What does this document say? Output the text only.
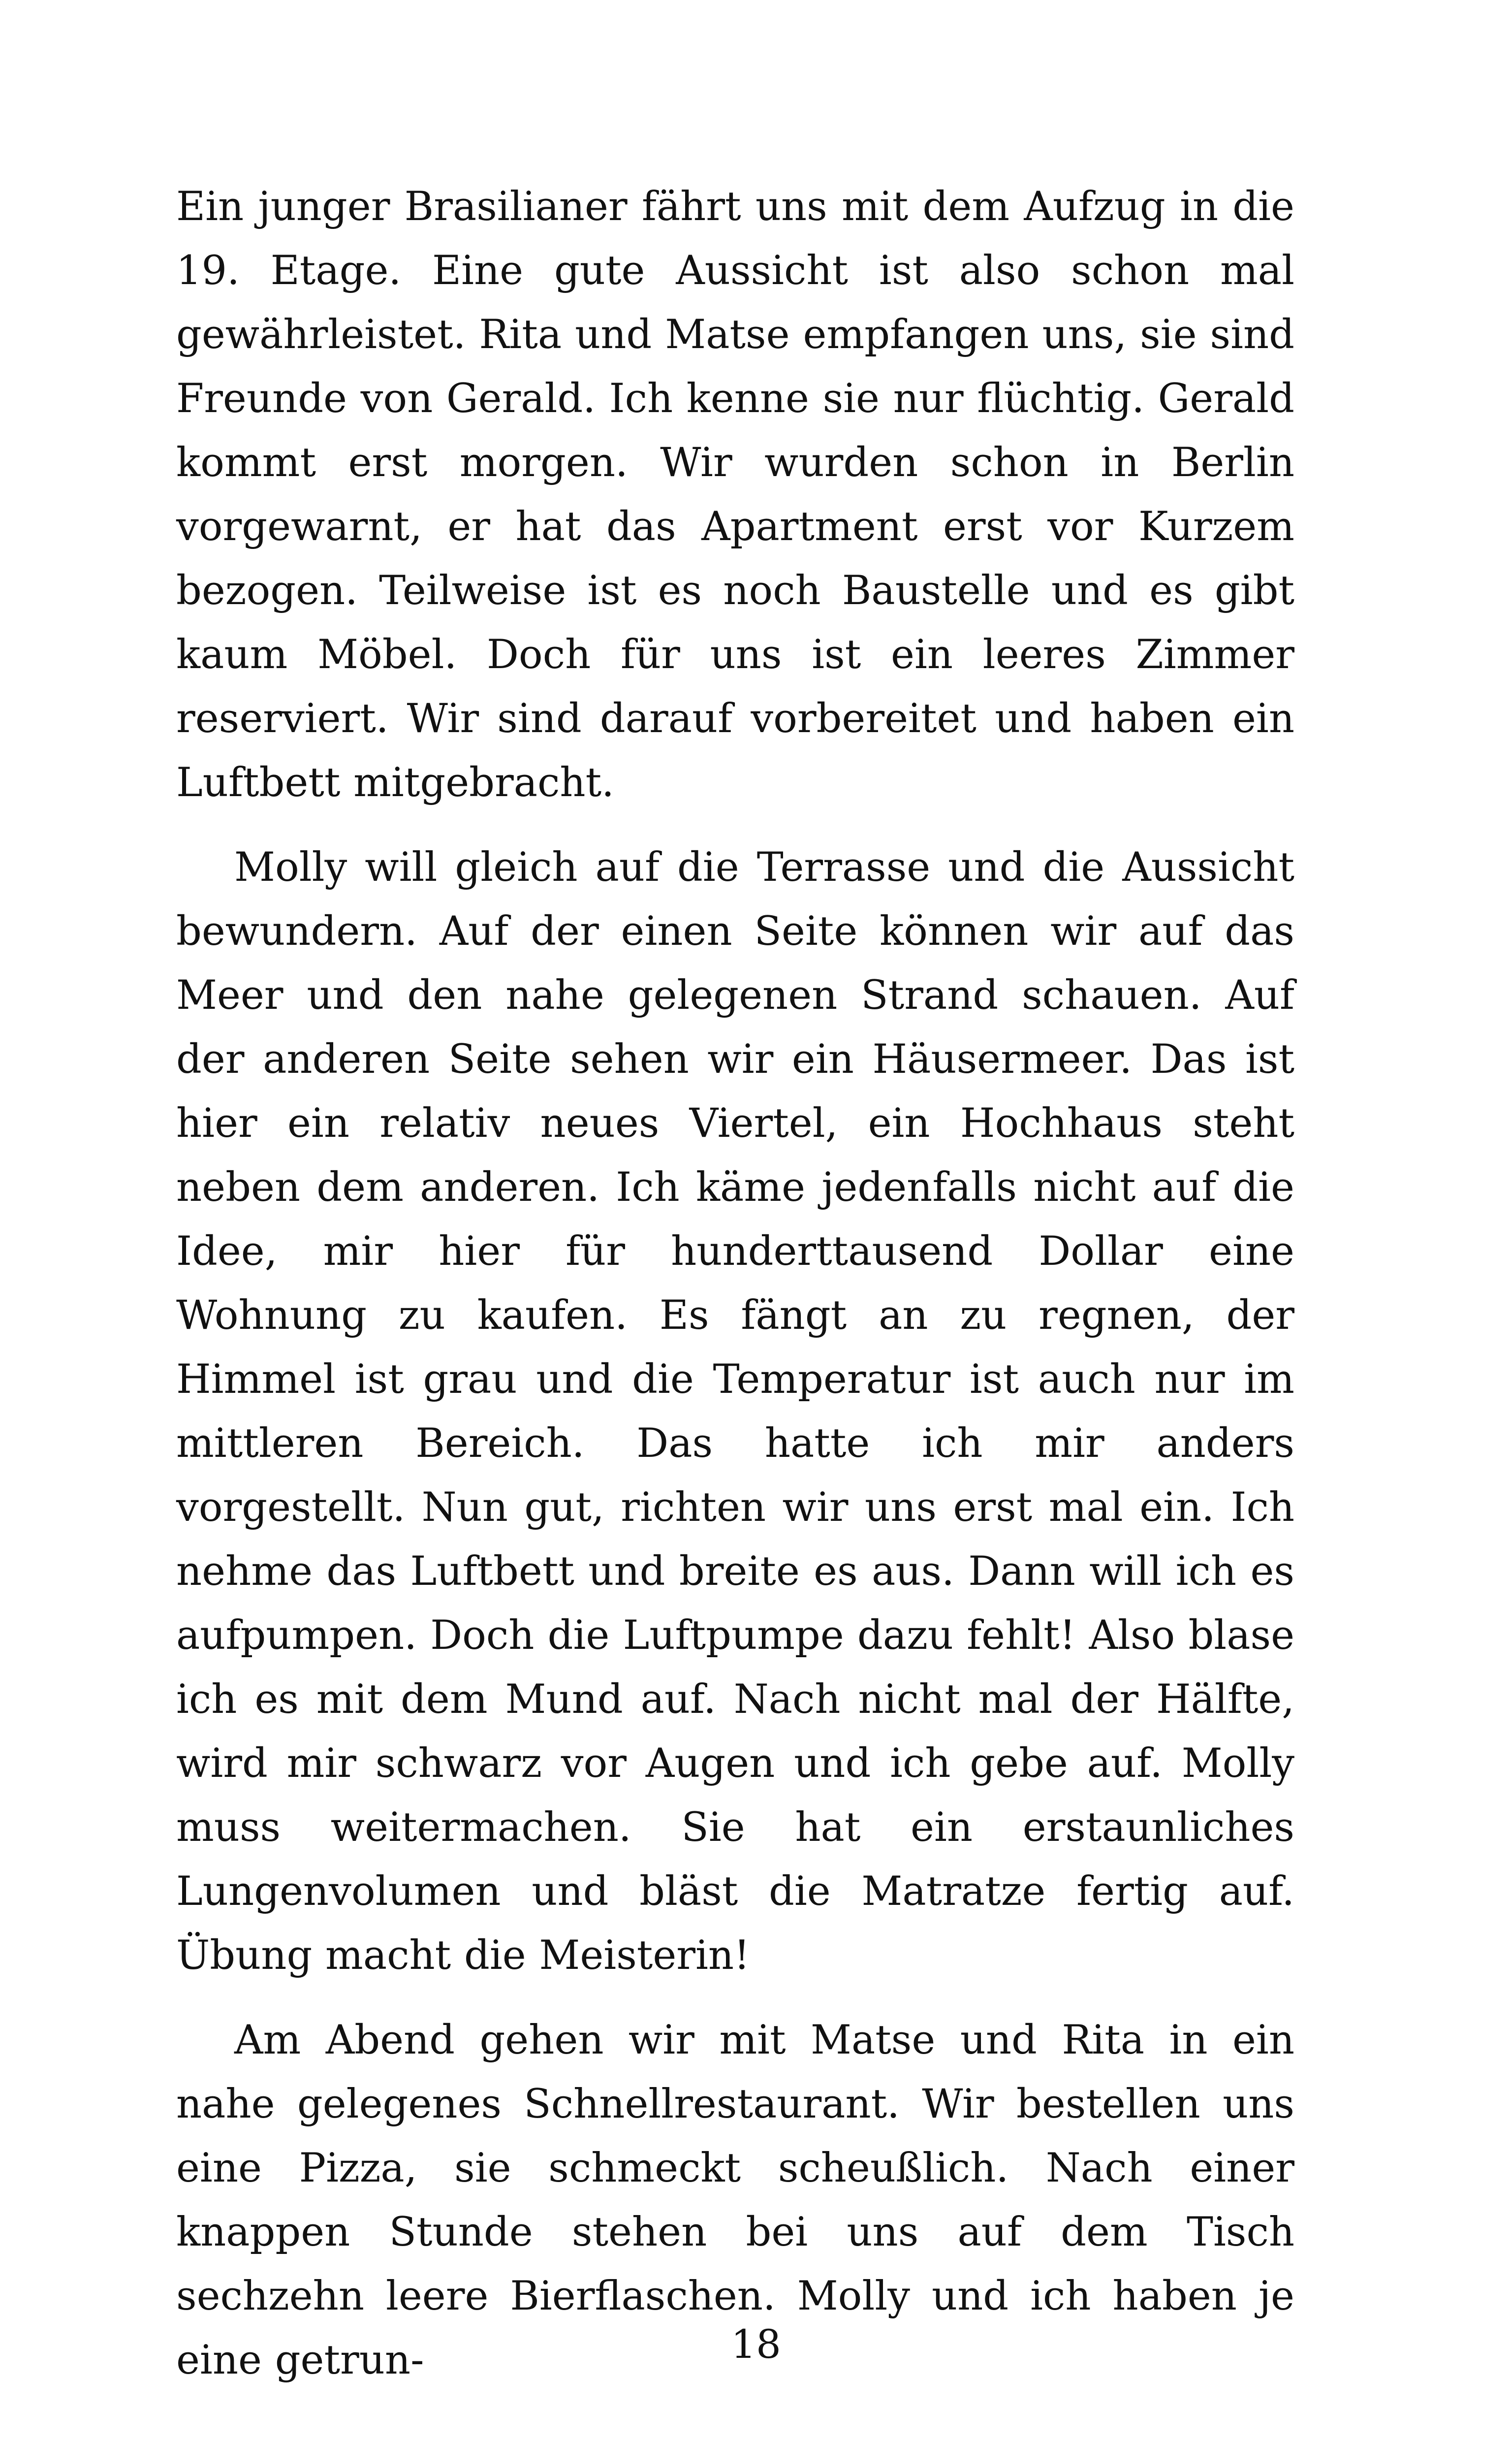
Ein junger Brasilianer fährt uns mit dem Aufzug in die 19. Etage. Eine gute Aussicht ist also schon mal gewährleistet. Rita und Matse empfangen uns, sie sind Freunde von Gerald. Ich kenne sie nur flüchtig. Gerald kommt erst morgen. Wir wurden schon in Berlin vorgewarnt, er hat das Apartment erst vor Kurzem bezogen. Teilweise ist es noch Baustelle und es gibt kaum Möbel. Doch für uns ist ein leeres Zimmer reserviert. Wir sind darauf vorbereitet und haben ein Luftbett mitgebracht.

Molly will gleich auf die Terrasse und die Aussicht bewundern. Auf der einen Seite können wir auf das Meer und den nahe gelegenen Strand schauen. Auf der anderen Seite sehen wir ein Häusermeer. Das ist hier ein relativ neues Viertel, ein Hochhaus steht neben dem anderen. Ich käme jedenfalls nicht auf die Idee, mir hier für hunderttausend Dollar eine Wohnung zu kaufen. Es fängt an zu regnen, der Himmel ist grau und die Temperatur ist auch nur im mittleren Bereich. Das hatte ich mir anders vorgestellt. Nun gut, richten wir uns erst mal ein. Ich nehme das Luftbett und breite es aus. Dann will ich es aufpumpen. Doch die Luftpumpe dazu fehlt! Also blase ich es mit dem Mund auf. Nach nicht mal der Hälfte, wird mir schwarz vor Augen und ich gebe auf. Molly muss weitermachen. Sie hat ein erstaunliches Lungenvolumen und bläst die Matratze fertig auf. Übung macht die Meisterin!

Am Abend gehen wir mit Matse und Rita in ein nahe gelegenes Schnellrestaurant. Wir bestellen uns eine Pizza, sie schmeckt scheußlich. Nach einer knappen Stunde stehen bei uns auf dem Tisch sechzehn leere Bierflaschen. Molly und ich haben je eine getrun-	18
